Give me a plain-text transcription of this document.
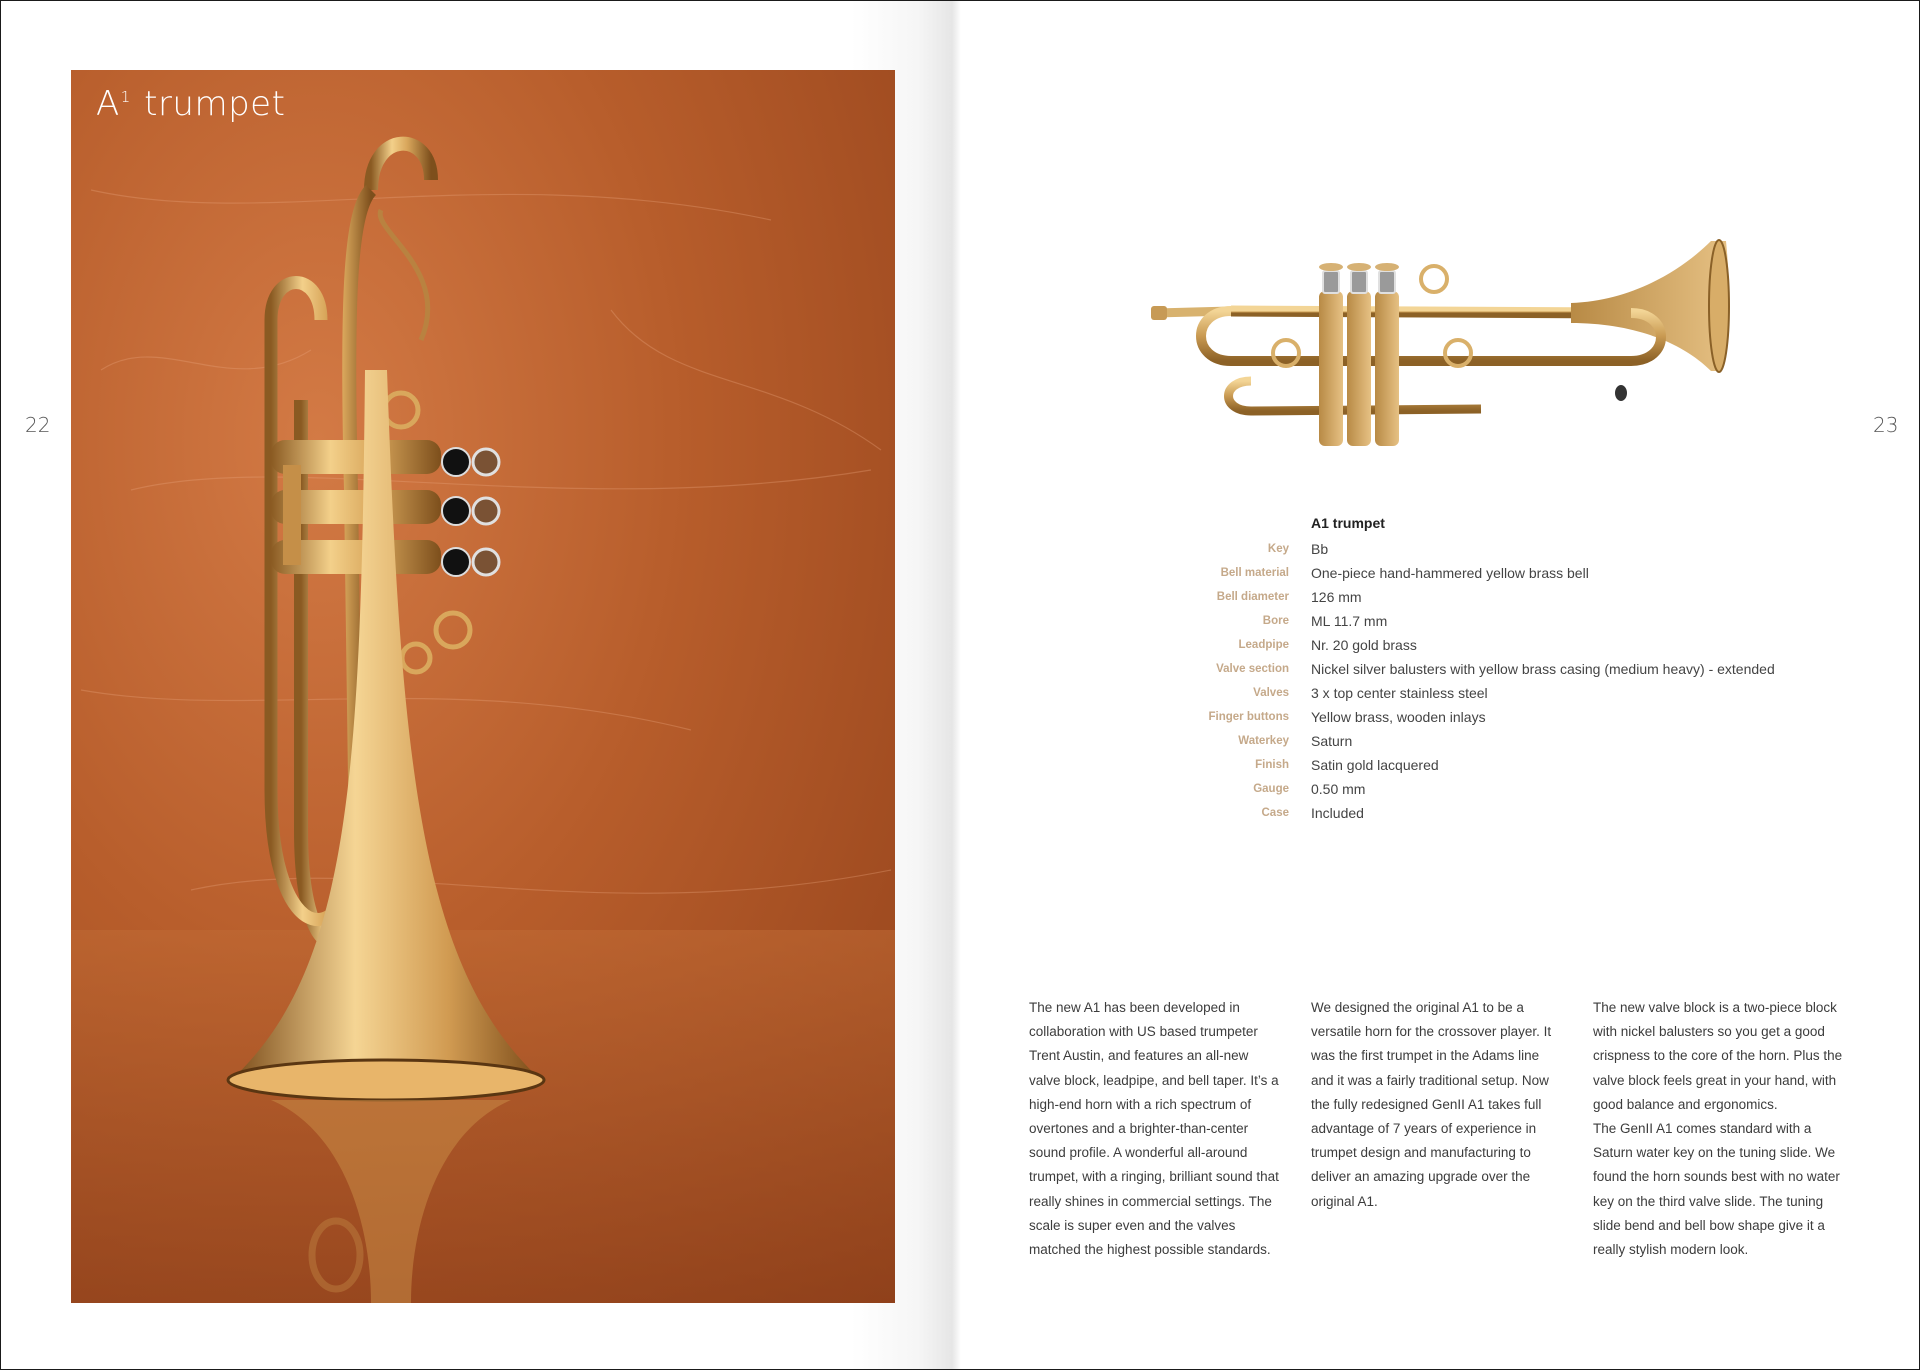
22	23
$A^1$ trumpet
A1 trumpet
Key Bb
Bell material One-piece hand-hammered yellow brass bell
Bell diameter 126 mm
Bore ML 11.7 mm
Leadpipe Nr. 20 gold brass
Valve section Nickel silver balusters with yellow brass casing (medium heavy) - extended
Valves 3 x top center stainless steel
Finger buttons Yellow brass, wooden inlays
Waterkey Saturn
Finish Satin gold lacquered
Gauge 0.50 mm
Case Included

The new A1 has been developed in collaboration with US based trumpeter Trent Austin, and features an all-new valve block, leadpipe, and bell taper. It’s a high-end horn with a rich spectrum of overtones and a brighter-than-center sound profile. A wonderful all-around trumpet, with a ringing, brilliant sound that really shines in commercial settings. The scale is super even and the valves matched the highest possible standards.

We designed the original A1 to be a versatile horn for the crossover player. It was the first trumpet in the Adams line and it was a fairly traditional setup. Now the fully redesigned GenII A1 takes full advantage of 7 years of experience in trumpet design and manufacturing to deliver an amazing upgrade over the original A1.

The new valve block is a two-piece block with nickel balusters so you get a good crispness to the core of the horn. Plus the valve block feels great in your hand, with good balance and ergonomics.

The GenII A1 comes standard with a Saturn water key on the tuning slide. We found the horn sounds best with no water key on the third valve slide. The tuning slide bend and bell bow shape give it a really stylish modern look.
